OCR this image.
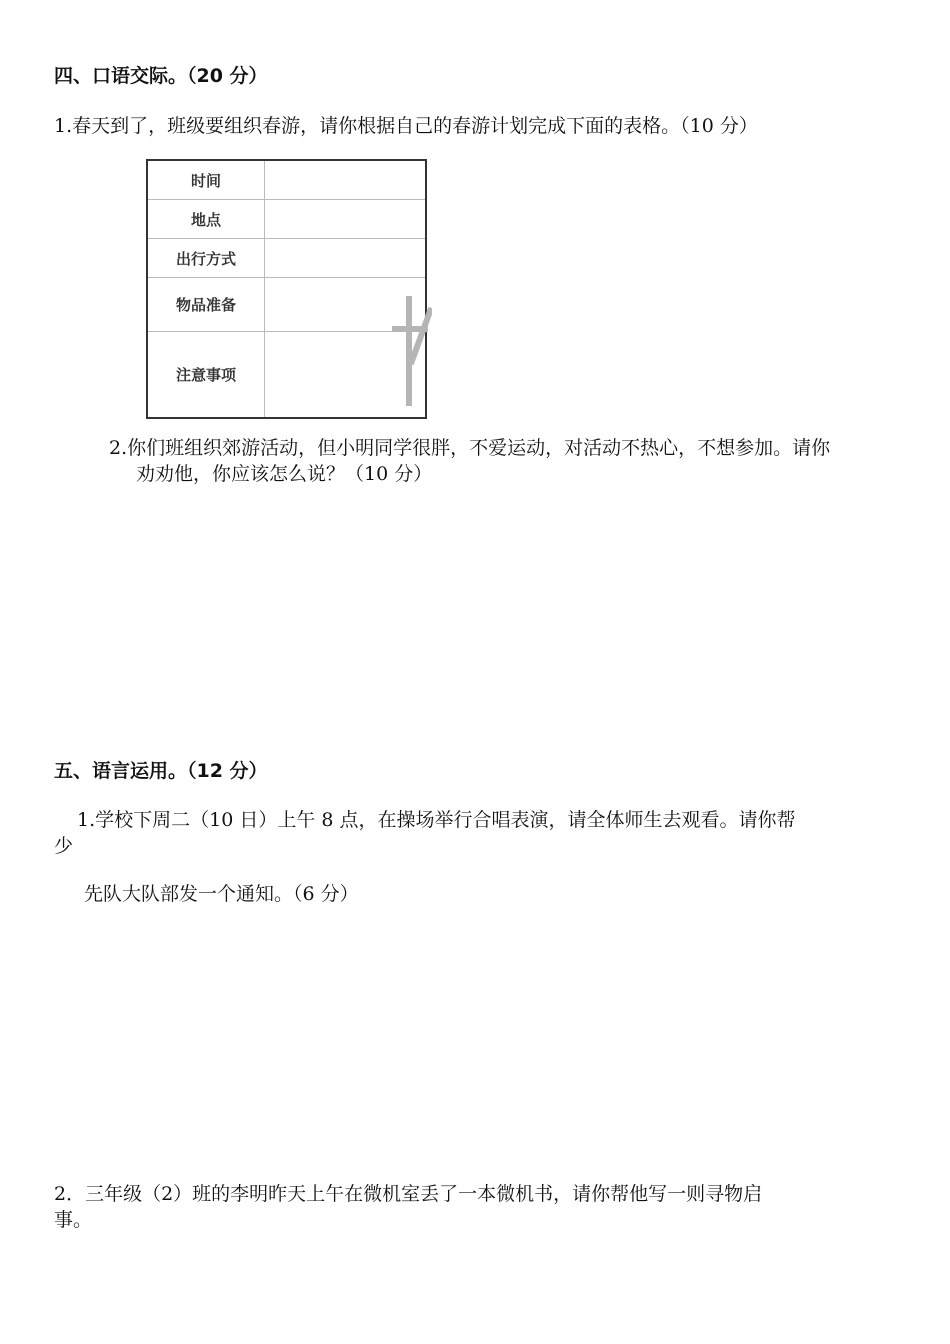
四、口语交际。（20 分）
1.春天到了，班级要组织春游，请你根据自己的春游计划完成下面的表格。（10 分）
时间
地点
出行方式
物品准备
注意事项
2.你们班组织郊游活动，但小明同学很胖，不爱运动，对活动不热心，不想参加。请你
劝劝他，你应该怎么说？（10 分）
五、语言运用。（12 分）
1.学校下周二（10 日）上午 8 点，在操场举行合唱表演，请全体师生去观看。请你帮
少
先队大队部发一个通知。（6 分）
2．三年级（2）班的李明昨天上午在微机室丢了一本微机书，请你帮他写一则寻物启
事。
